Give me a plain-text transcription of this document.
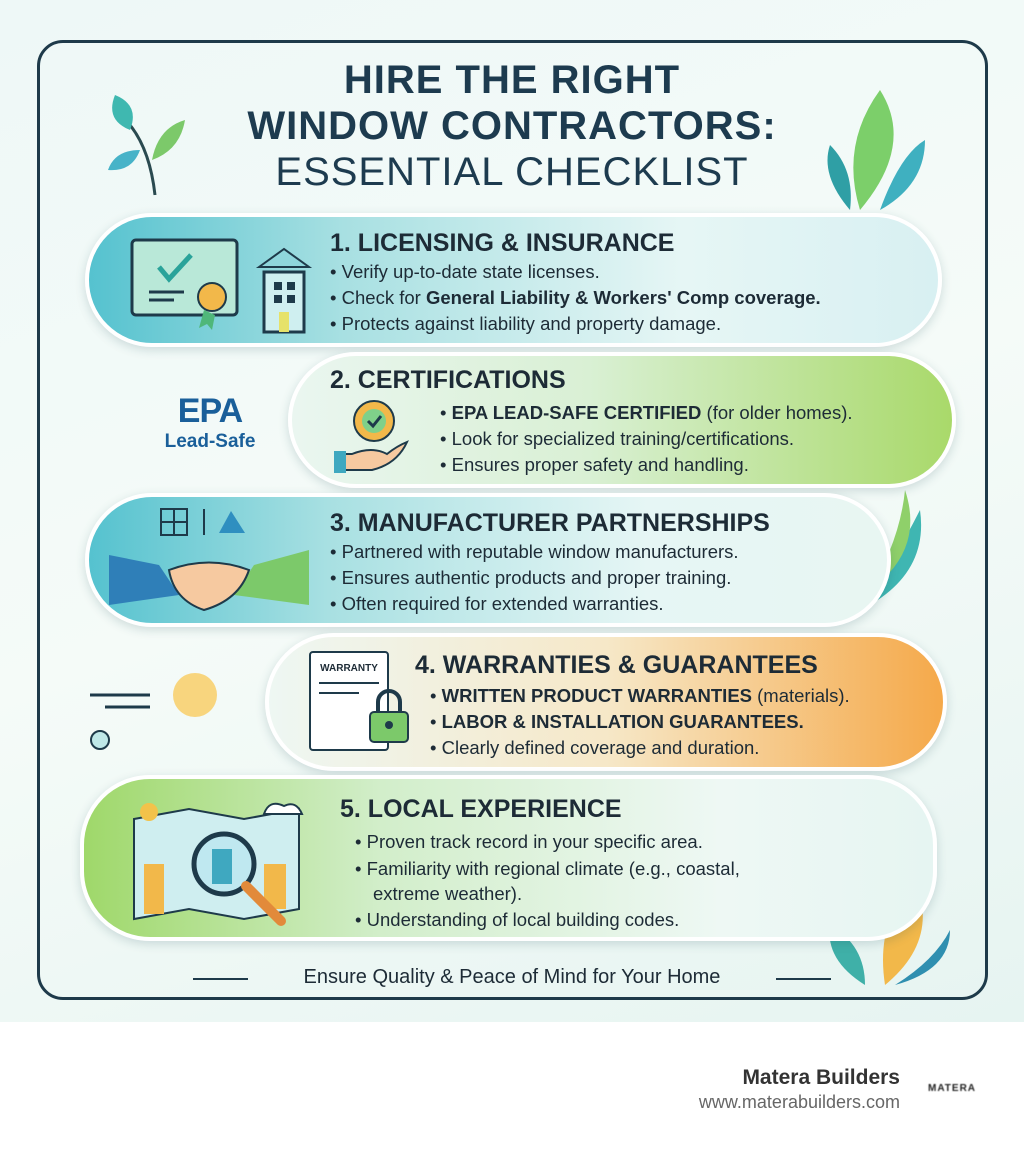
HIRE THE RIGHT
WINDOW CONTRACTORS:
ESSENTIAL CHECKLIST
1. LICENSING & INSURANCE
• Verify up-to-date state licenses.
• Check for General Liability & Workers' Comp coverage.
• Protects against liability and property damage.
EPA
Lead-Safe
2. CERTIFICATIONS
• EPA LEAD-SAFE CERTIFIED (for older homes).
• Look for specialized training/certifications.
• Ensures proper safety and handling.
3. MANUFACTURER PARTNERSHIPS
• Partnered with reputable window manufacturers.
• Ensures authentic products and proper training.
• Often required for extended warranties.
WARRANTY	4. WARRANTIES & GUARANTEES
• WRITTEN PRODUCT WARRANTIES (materials).
• LABOR & INSTALLATION GUARANTEES.
• Clearly defined coverage and duration.
5. LOCAL EXPERIENCE
• Proven track record in your specific area.
• Familiarity with regional climate (e.g., coastal,
extreme weather).
• Understanding of local building codes.
Ensure Quality & Peace of Mind for Your Home
Matera Builders
www.materabuilders.com
MATERA
